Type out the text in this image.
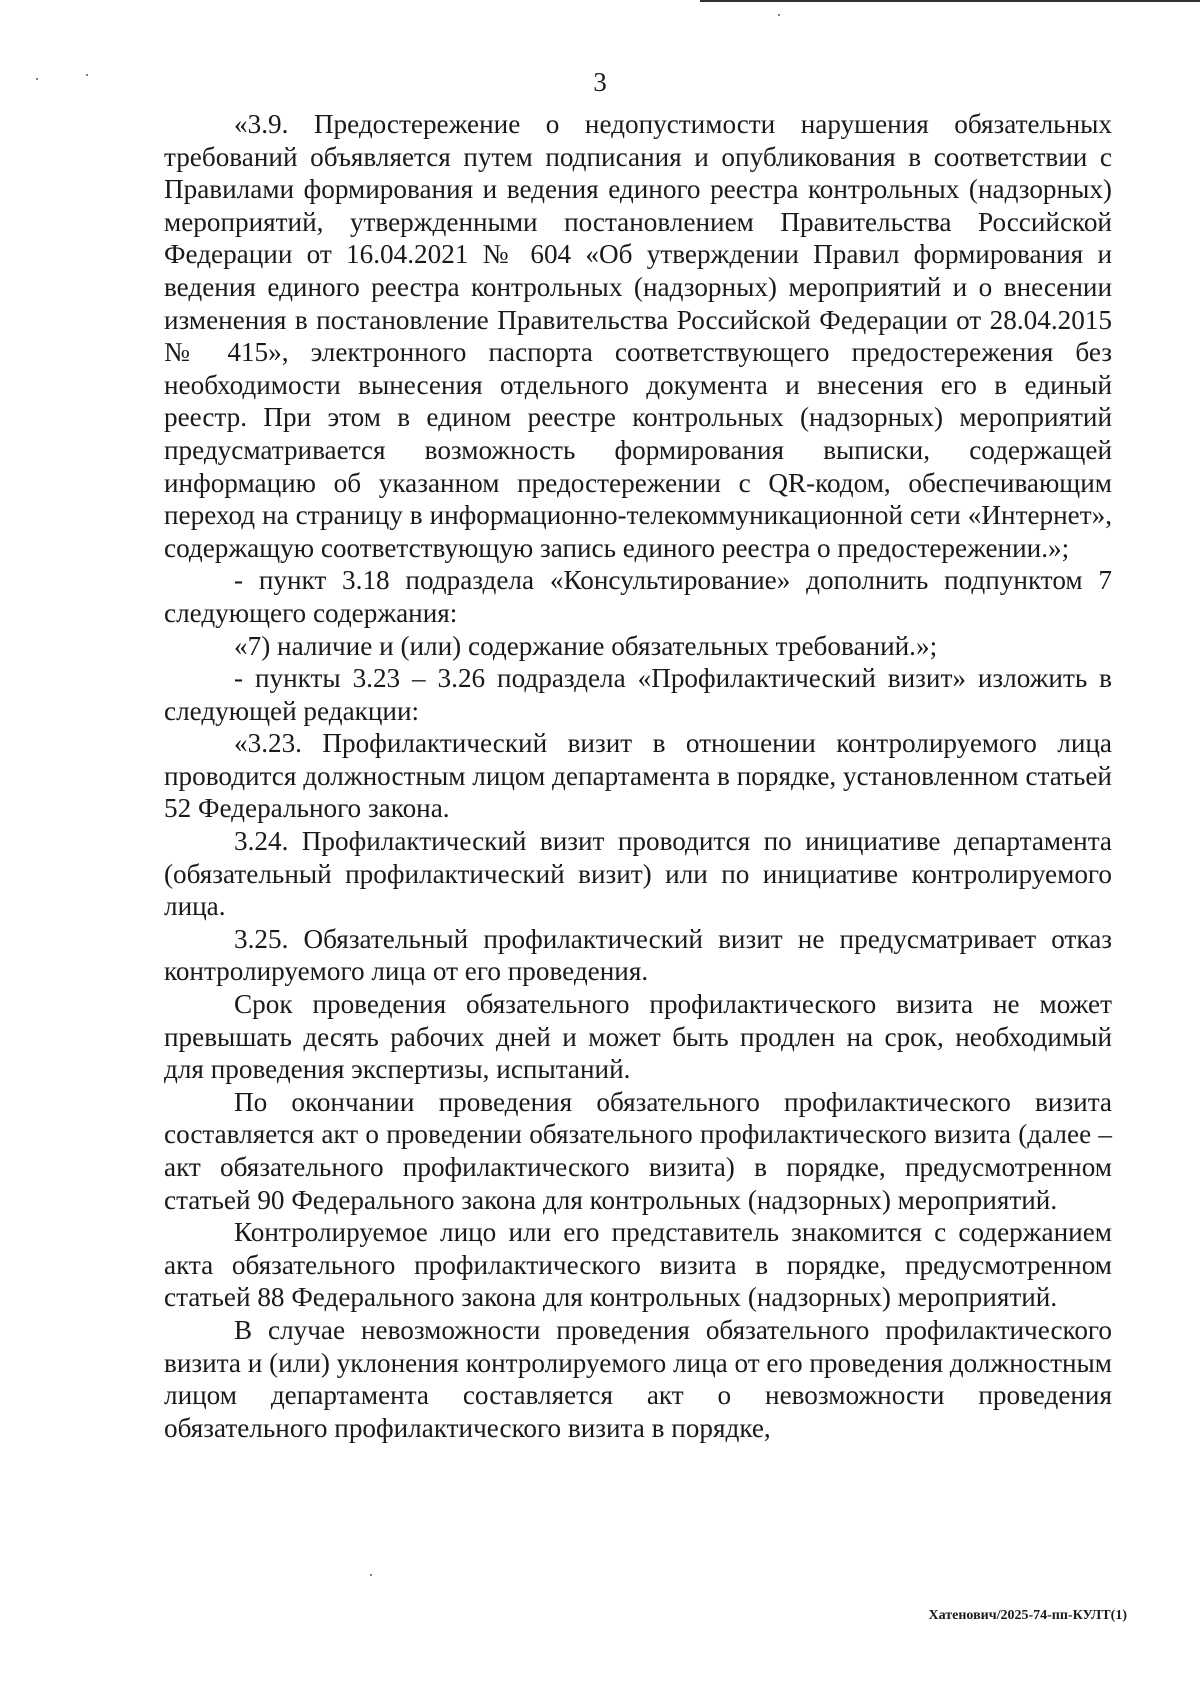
3

«3.9. Предостережение о недопустимости нарушения обязательных требований объявляется путем подписания и опубликования в соответствии с Правилами формирования и ведения единого реестра контрольных (надзорных) мероприятий, утвержденными постановлением Правительства Российской Федерации от 16.04.2021 № 604 «Об утверждении Правил формирования и ведения единого реестра контрольных (надзорных) мероприятий и о внесении изменения в постановление Правительства Российской Федерации от 28.04.2015 № 415», электронного паспорта соответствующего предостережения без необходимости вынесения отдельного документа и внесения его в единый реестр. При этом в едином реестре контрольных (надзорных) мероприятий предусматривается возможность формирования выписки, содержащей информацию об указанном предостережении с QR-кодом, обеспечивающим переход на страницу в информационно-телекоммуникационной сети «Интернет», содержащую соответствующую запись единого реестра о предостережении.»;

- пункт 3.18 подраздела «Консультирование» дополнить подпунктом 7 следующего содержания:

«7) наличие и (или) содержание обязательных требований.»;

- пункты 3.23 – 3.26 подраздела «Профилактический визит» изложить в следующей редакции:

«3.23. Профилактический визит в отношении контролируемого лица проводится должностным лицом департамента в порядке, установленном статьей 52 Федерального закона.

3.24. Профилактический визит проводится по инициативе департамента (обязательный профилактический визит) или по инициативе контролируемого лица.

3.25. Обязательный профилактический визит не предусматривает отказ контролируемого лица от его проведения.

Срок проведения обязательного профилактического визита не может превышать десять рабочих дней и может быть продлен на срок, необходимый для проведения экспертизы, испытаний.

По окончании проведения обязательного профилактического визита составляется акт о проведении обязательного профилактического визита (далее – акт обязательного профилактического визита) в порядке, предусмотренном статьей 90 Федерального закона для контрольных (надзорных) мероприятий.

Контролируемое лицо или его представитель знакомится с содержанием акта обязательного профилактического визита в порядке, предусмотренном статьей 88 Федерального закона для контрольных (надзорных) мероприятий.

В случае невозможности проведения обязательного профилактического визита и (или) уклонения контролируемого лица от его проведения должностным лицом департамента составляется акт о невозможности проведения обязательного профилактического визита в порядке,

Хатенович/2025-74-пп-КУЛТ(1)
